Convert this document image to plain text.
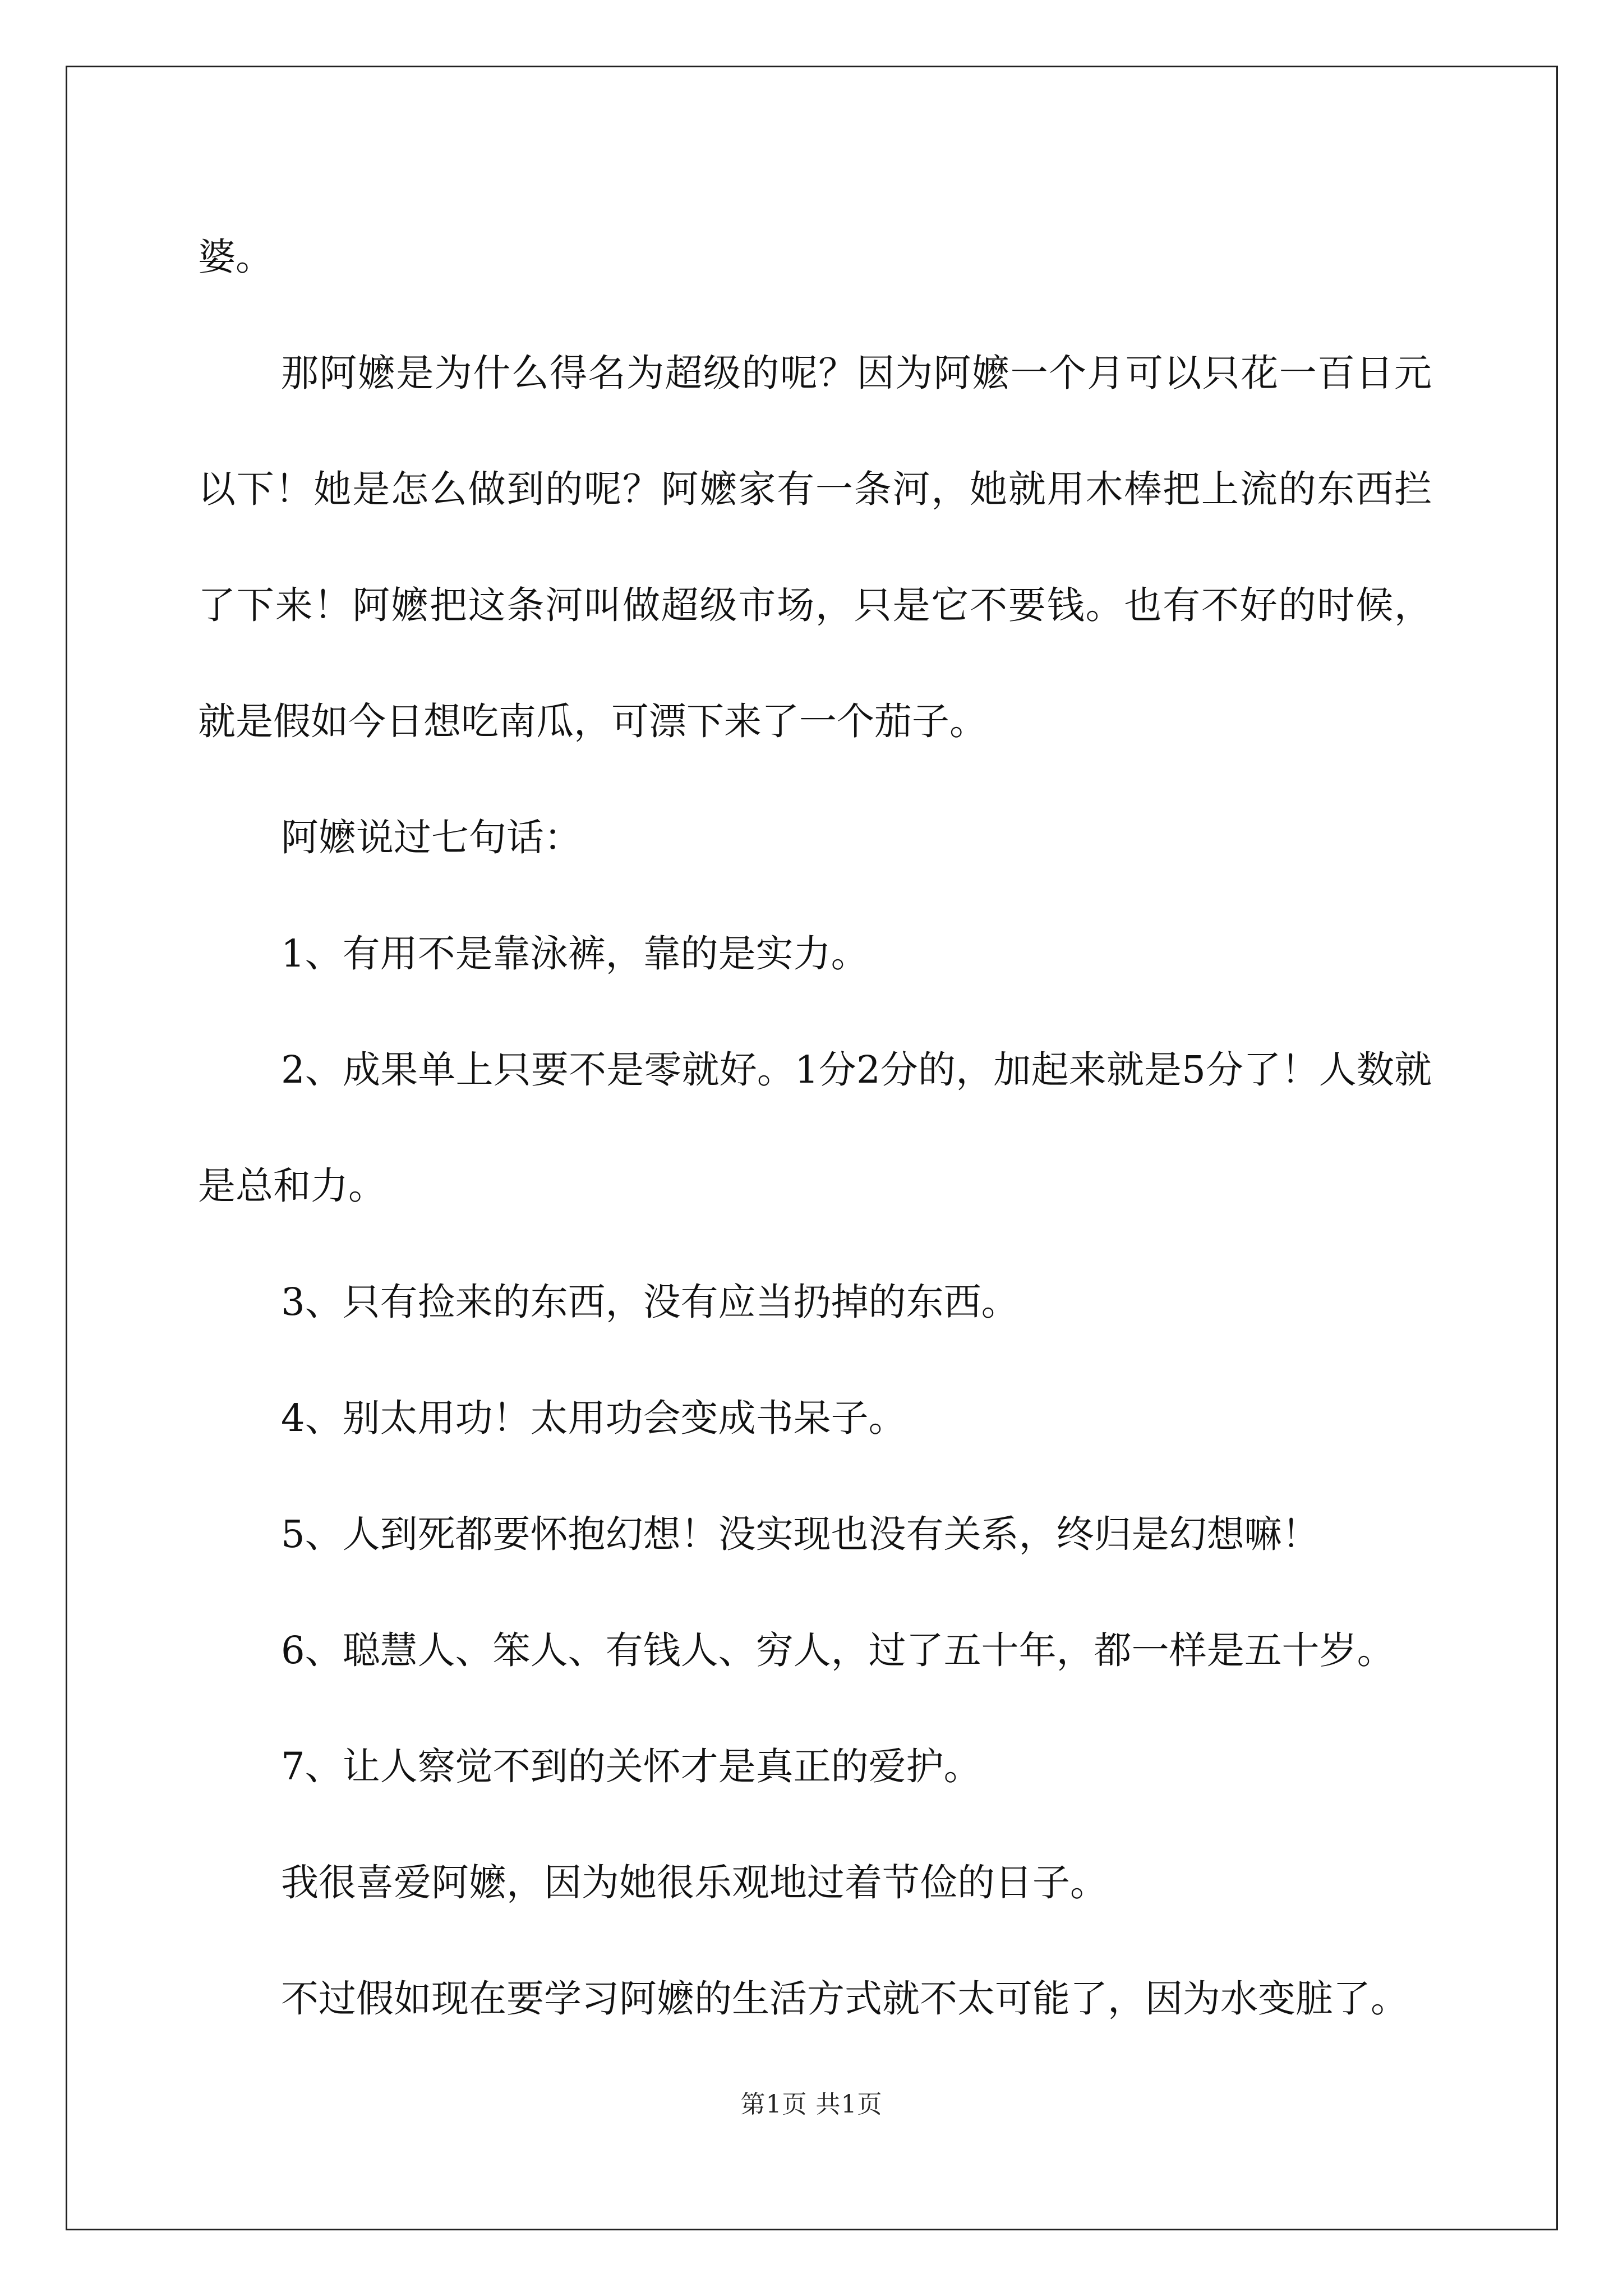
婆。

那阿嬷是为什么得名为超级的呢？因为阿嬷一个月可以只花一百日元以下！她是怎么做到的呢？阿嬷家有一条河，她就用木棒把上流的东西拦了下来！阿嬷把这条河叫做超级市场，只是它不要钱。也有不好的时候，就是假如今日想吃南瓜，可漂下来了一个茄子。

阿嬷说过七句话：

1、有用不是靠泳裤，靠的是实力。

2、成果单上只要不是零就好。1分2分的，加起来就是5分了！人数就是总和力。

3、只有捡来的东西，没有应当扔掉的东西。

4、别太用功！太用功会变成书呆子。

5、人到死都要怀抱幻想！没实现也没有关系，终归是幻想嘛！

6、聪慧人、笨人、有钱人、穷人，过了五十年，都一样是五十岁。

7、让人察觉不到的关怀才是真正的爱护。

我很喜爱阿嬷，因为她很乐观地过着节俭的日子。

不过假如现在要学习阿嬷的生活方式就不太可能了，因为水变脏了。

第1页 共1页
